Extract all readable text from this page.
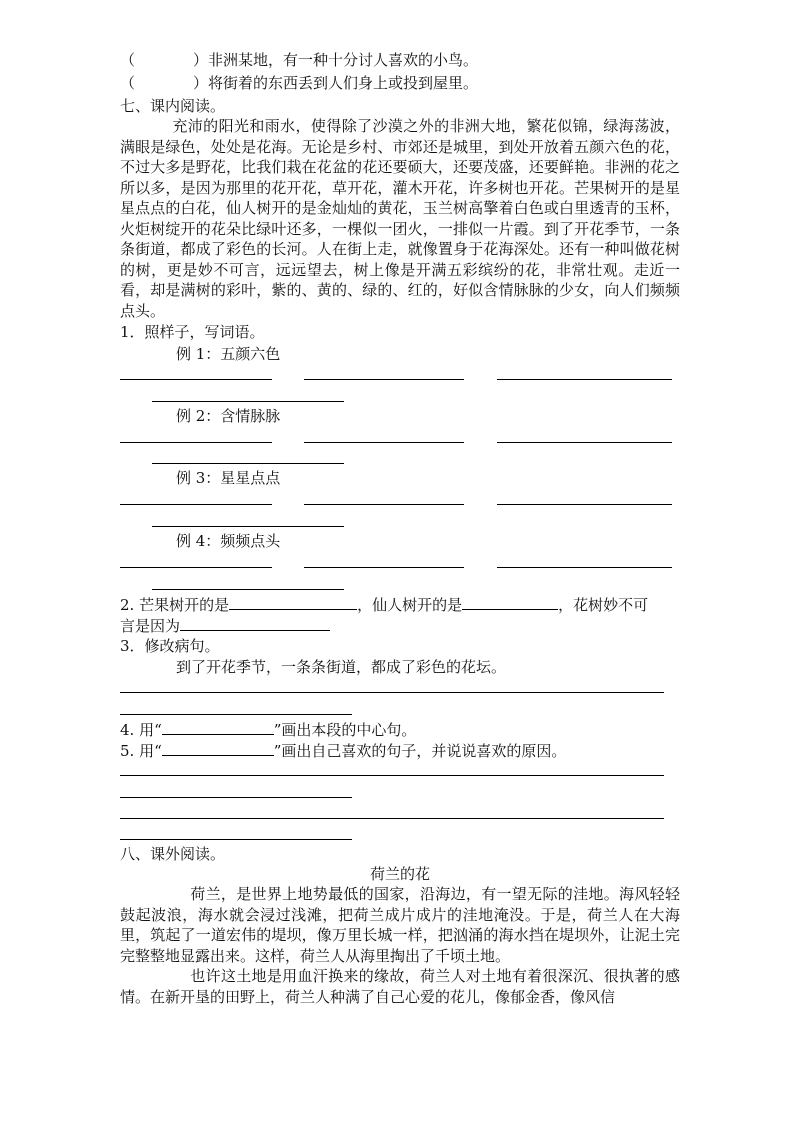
（	）非洲某地，有一种十分讨人喜欢的小鸟。
（	）将街着的东西丢到人们身上或投到屋里。
七、课内阅读。
充沛的阳光和雨水，使得除了沙漠之外的非洲大地，繁花似锦，绿海荡波，满眼是绿色，处处是花海。无论是乡村、市郊还是城里，到处开放着五颜六色的花，不过大多是野花，比我们栽在花盆的花还要硕大，还要茂盛，还要鲜艳。非洲的花之所以多，是因为那里的花开花，草开花，灌木开花，许多树也开花。芒果树开的是星星点点的白花，仙人树开的是金灿灿的黄花，玉兰树高擎着白色或白里透青的玉杯，火炬树绽开的花朵比绿叶还多，一棵似一团火，一排似一片霞。到了开花季节，一条条街道，都成了彩色的长河。人在街上走，就像置身于花海深处。还有一种叫做花树的树，更是妙不可言，远远望去，树上像是开满五彩缤纷的花，非常壮观。走近一看，却是满树的彩叶，紫的、黄的、绿的、红的，好似含情脉脉的少女，向人们频频点头。
1．照样子，写词语。
例 1：五颜六色
例 2：含情脉脉
例 3：星星点点
例 4：频频点头
2. 芒果树开的是	，仙人树开的是	，花树妙不可
言是因为
3．修改病句。
到了开花季节，一条条街道，都成了彩色的花坛。
4. 用“	”画出本段的中心句。
5. 用“	”画出自己喜欢的句子，并说说喜欢的原因。
八、课外阅读。
荷兰的花
荷兰，是世界上地势最低的国家，沿海边，有一望无际的洼地。海风轻轻鼓起波浪，海水就会浸过浅滩，把荷兰成片成片的洼地淹没。于是，荷兰人在大海里，筑起了一道宏伟的堤坝，像万里长城一样，把汹涌的海水挡在堤坝外，让泥土完完整整地显露出来。这样，荷兰人从海里掏出了千顷土地。
也许这土地是用血汗换来的缘故，荷兰人对土地有着很深沉、很执著的感情。在新开垦的田野上，荷兰人种满了自己心爱的花儿，像郁金香，像风信
